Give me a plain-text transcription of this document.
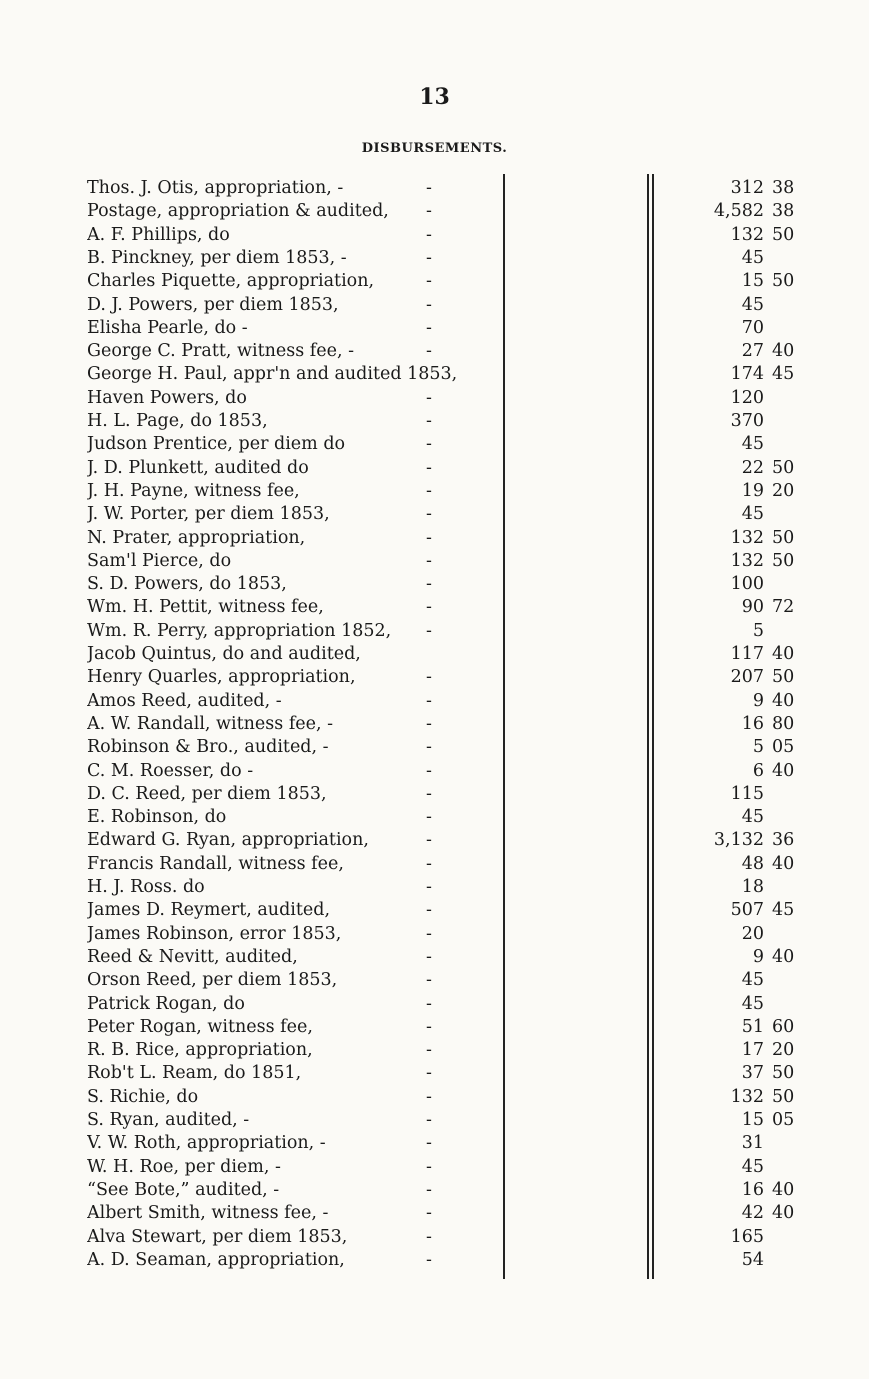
13
DISBURSEMENTS.
Thos. J. Otis, appropriation, -	-	312 38
Postage, appropriation & audited,	-	4,582 38
A. F. Phillips, do	-	132 50
B. Pinckney, per diem 1853, -	-	45
Charles Piquette, appropriation,	-	15 50
D. J. Powers, per diem 1853,	-	45
Elisha Pearle, do -	-	70
George C. Pratt, witness fee, -	-	27 40
George H. Paul, appr'n and audited 1853,	174 45
Haven Powers, do	-	120
H. L. Page, do 1853,	-	370
Judson Prentice, per diem do	-	45
J. D. Plunkett, audited do	-	22 50
J. H. Payne, witness fee,	-	19 20
J. W. Porter, per diem 1853,	-	45
N. Prater, appropriation,	-	132 50
Sam'l Pierce, do	-	132 50
S. D. Powers, do 1853,	-	100
Wm. H. Pettit, witness fee,	-	90 72
Wm. R. Perry, appropriation 1852,	-	5
Jacob Quintus, do and audited,	117 40
Henry Quarles, appropriation,	-	207 50
Amos Reed, audited, -	-	9 40
A. W. Randall, witness fee, -	-	16 80
Robinson & Bro., audited, -	-	5 05
C. M. Roesser, do -	-	6 40
D. C. Reed, per diem 1853,	-	115
E. Robinson, do	-	45
Edward G. Ryan, appropriation,	-	3,132 36
Francis Randall, witness fee,	-	48 40
H. J. Ross. do	-	18
James D. Reymert, audited,	-	507 45
James Robinson, error 1853,	-	20
Reed & Nevitt, audited,	-	9 40
Orson Reed, per diem 1853,	-	45
Patrick Rogan, do	-	45
Peter Rogan, witness fee,	-	51 60
R. B. Rice, appropriation,	-	17 20
Rob't L. Ream, do 1851,	-	37 50
S. Richie, do	-	132 50
S. Ryan, audited, -	-	15 05
V. W. Roth, appropriation, -	-	31
W. H. Roe, per diem, -	-	45
“See Bote,” audited, -	-	16 40
Albert Smith, witness fee, -	-	42 40
Alva Stewart, per diem 1853,	-	165
A. D. Seaman, appropriation,	-	54
